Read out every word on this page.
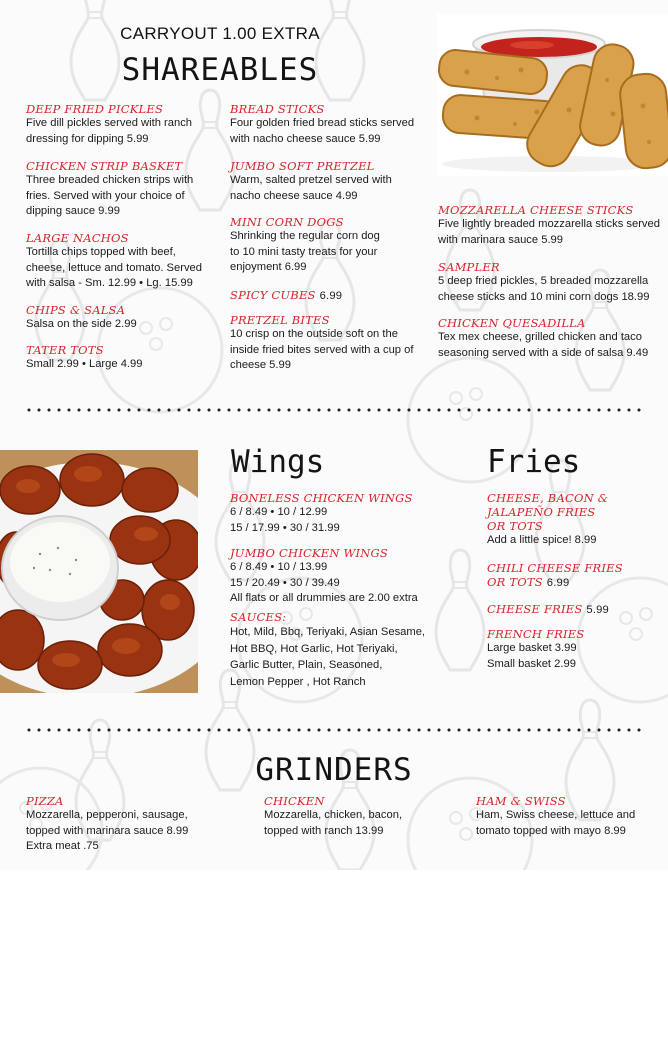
CARRYOUT 1.00 EXTRA
SHAREABLES
DEEP FRIED PICKLES
Five dill pickles served with ranch
dressing for dipping 5.99
CHICKEN STRIP BASKET
Three breaded chicken strips with
fries. Served with your choice of
dipping sauce 9.99
LARGE NACHOS
Tortilla chips topped with beef,
cheese, lettuce and tomato. Served
with salsa - Sm. 12.99 • Lg. 15.99
CHIPS & SALSA
Salsa on the side 2.99
TATER TOTS
Small 2.99 • Large 4.99
BREAD STICKS
Four golden fried bread sticks served
with nacho cheese sauce 5.99
JUMBO SOFT PRETZEL
Warm, salted pretzel served with
nacho cheese sauce 4.99
MINI CORN DOGS
Shrinking the regular corn dog
to 10 mini tasty treats for your
enjoyment 6.99
SPICY CUBES 6.99
PRETZEL BITES
10 crisp on the outside soft on the
inside fried bites served with a cup of
cheese 5.99
MOZZARELLA CHEESE STICKS
Five lightly breaded mozzarella sticks served
with marinara sauce 5.99
SAMPLER
5 deep fried pickles, 5 breaded mozzarella
cheese sticks and 10 mini corn dogs 18.99
CHICKEN QUESADILLA
Tex mex cheese, grilled chicken and taco
seasoning served with a side of salsa 9.49
Wings
BONELESS CHICKEN WINGS
6 / 8.49 • 10 / 12.99
15 / 17.99 • 30 / 31.99
JUMBO CHICKEN WINGS
6 / 8.49 • 10 / 13.99
15 / 20.49 • 30 / 39.49
All flats or all drummies are 2.00 extra
SAUCES:
Hot, Mild, Bbq, Teriyaki, Asian Sesame,
Hot BBQ, Hot Garlic, Hot Teriyaki,
Garlic Butter, Plain, Seasoned,
Lemon Pepper , Hot Ranch
Fries
CHEESE, BACON &
JALAPEÑO FRIES
OR TOTS
Add a little spice! 8.99
CHILI CHEESE FRIES
OR TOTS 6.99
CHEESE FRIES 5.99
FRENCH FRIES
Large basket 3.99
Small basket 2.99
GRINDERS
PIZZA
Mozzarella, pepperoni, sausage,
topped with marinara sauce 8.99
Extra meat .75
CHICKEN
Mozzarella, chicken, bacon,
topped with ranch 13.99
HAM & SWISS
Ham, Swiss cheese, lettuce and
tomato topped with mayo 8.99
